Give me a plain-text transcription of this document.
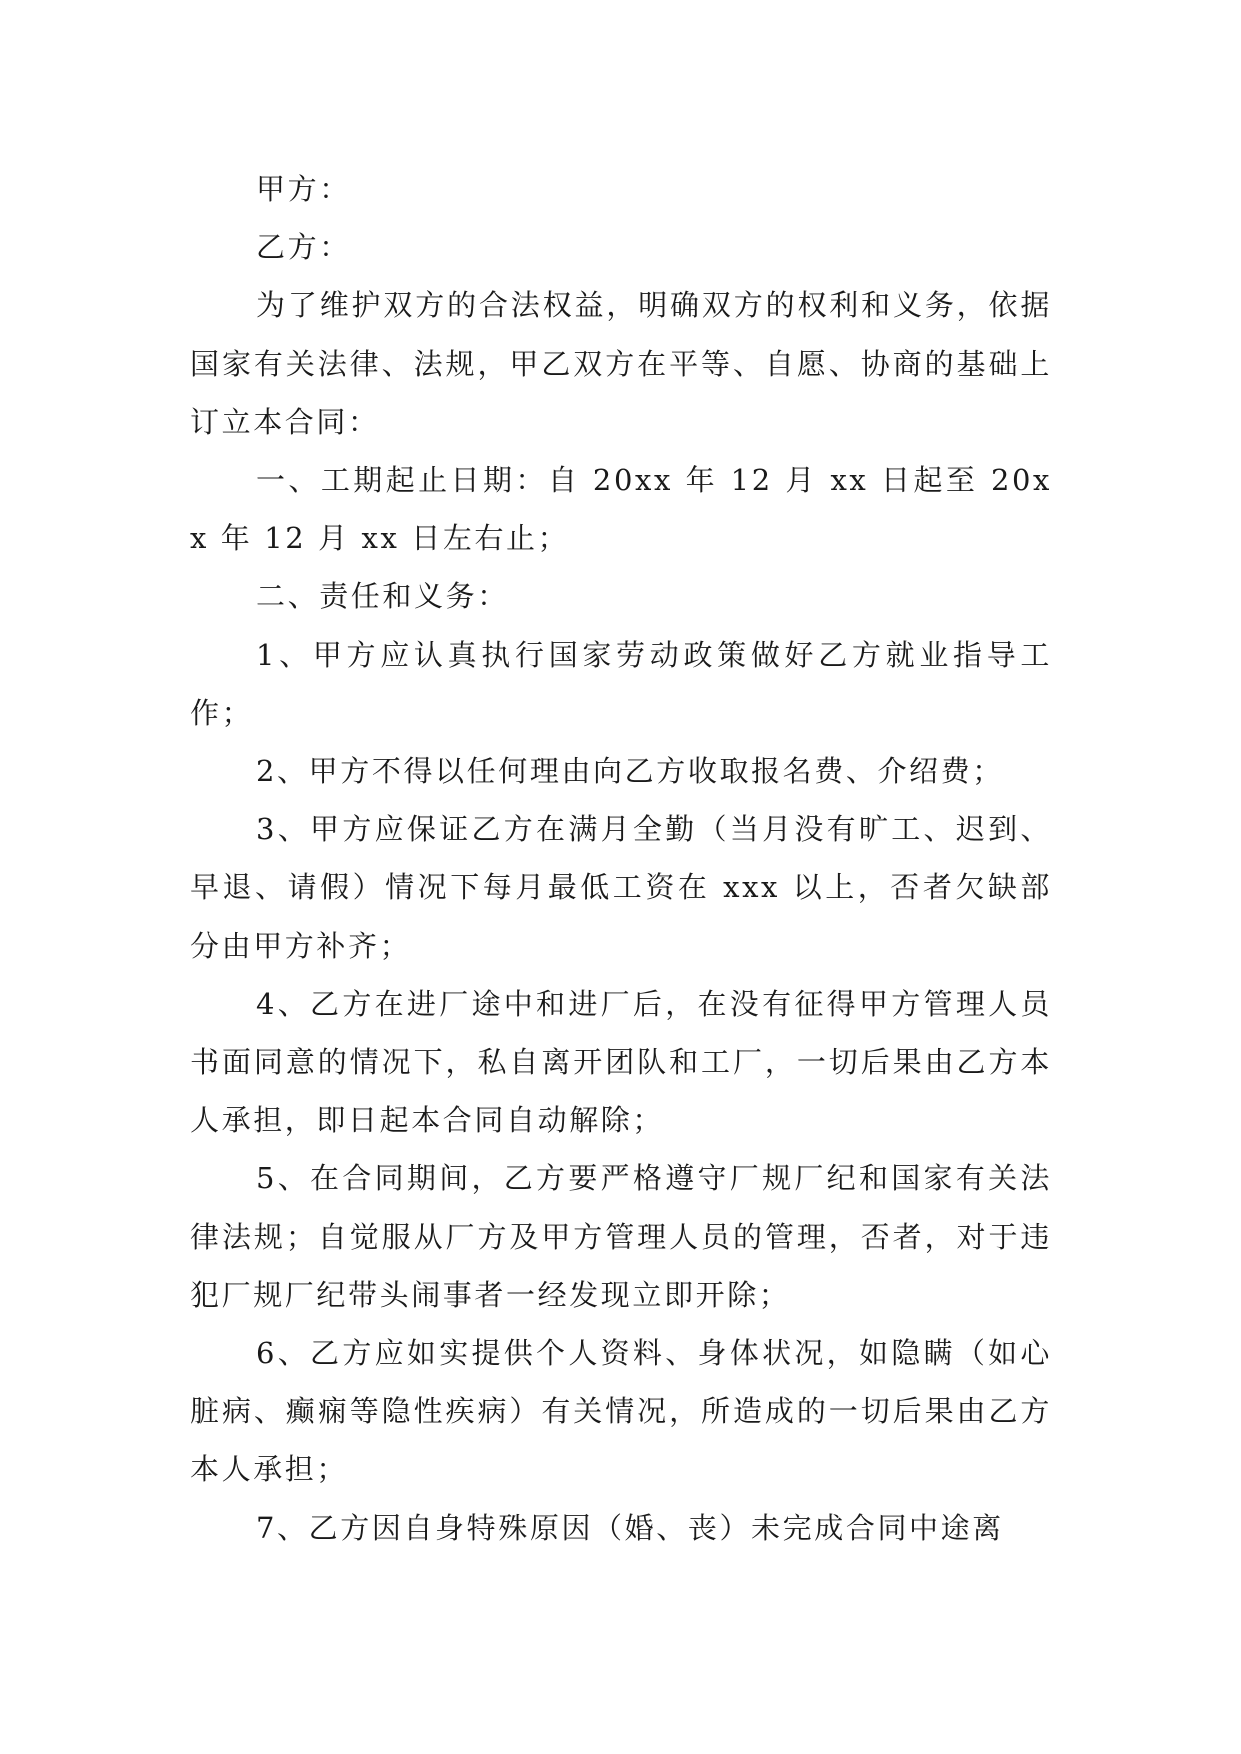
甲方：

乙方：

为了维护双方的合法权益，明确双方的权利和义务，依据国家有关法律、法规，甲乙双方在平等、自愿、协商的基础上订立本合同：

一、工期起止日期：自 20xx 年 12 月 xx 日起至 20xx 年 12 月 xx 日左右止；

二、责任和义务：

1、甲方应认真执行国家劳动政策做好乙方就业指导工作；

2、甲方不得以任何理由向乙方收取报名费、介绍费；

3、甲方应保证乙方在满月全勤（当月没有旷工、迟到、早退、请假）情况下每月最低工资在 xxx 以上，否者欠缺部分由甲方补齐；

4、乙方在进厂途中和进厂后，在没有征得甲方管理人员书面同意的情况下，私自离开团队和工厂，一切后果由乙方本人承担，即日起本合同自动解除；

5、在合同期间，乙方要严格遵守厂规厂纪和国家有关法律法规；自觉服从厂方及甲方管理人员的管理，否者，对于违犯厂规厂纪带头闹事者一经发现立即开除；

6、乙方应如实提供个人资料、身体状况，如隐瞒（如心脏病、癫痫等隐性疾病）有关情况，所造成的一切后果由乙方本人承担；

7、乙方因自身特殊原因（婚、丧）未完成合同中途离
